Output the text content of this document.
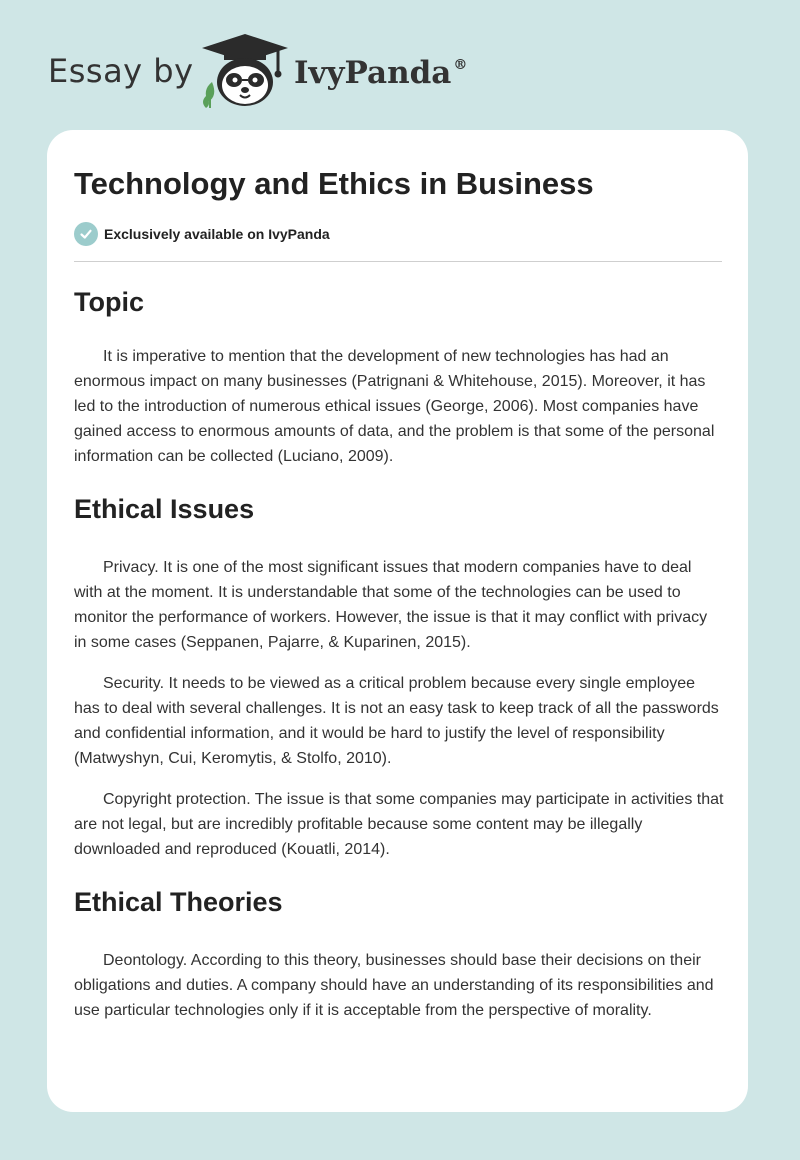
Essay by	IvyPanda ®
Technology and Ethics in Business
Exclusively available on IvyPanda
Topic

It is imperative to mention that the development of new technologies has had an enormous impact on many businesses (Patrignani & Whitehouse, 2015). Moreover, it has led to the introduction of numerous ethical issues (George, 2006). Most companies have gained access to enormous amounts of data, and the problem is that some of the personal information can be collected (Luciano, 2009).

Ethical Issues

Privacy. It is one of the most significant issues that modern companies have to deal with at the moment. It is understandable that some of the technologies can be used to monitor the performance of workers. However, the issue is that it may conflict with privacy in some cases (Seppanen, Pajarre, & Kuparinen, 2015).

Security. It needs to be viewed as a critical problem because every single employee has to deal with several challenges. It is not an easy task to keep track of all the passwords and confidential information, and it would be hard to justify the level of responsibility (Matwyshyn, Cui, Keromytis, & Stolfo, 2010).

Copyright protection. The issue is that some companies may participate in activities that are not legal, but are incredibly profitable because some content may be illegally downloaded and reproduced (Kouatli, 2014).

Ethical Theories

Deontology. According to this theory, businesses should base their decisions on their obligations and duties. A company should have an understanding of its responsibilities and use particular technologies only if it is acceptable from the perspective of morality.
